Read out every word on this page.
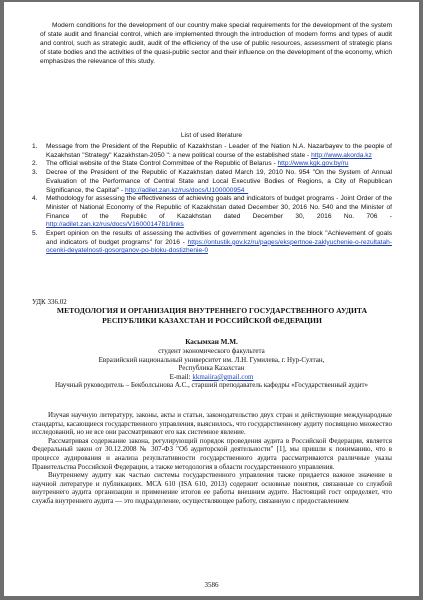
Modern conditions for the development of our country make special requirements for the development of the system of state audit and financial control, which are implemented through the introduction of modern forms and types of audit and control, such as strategic audit, audit of the efficiency of the use of public resources, assessment of strategic plans of state bodies and the activities of the quasi-public sector and their influence on the development of the economy, which emphasizes the relevance of this study.
List of used literature
1. Message from the President of the Republic of Kazakhstan - Leader of the Nation N.A. Nazarbayev to the people of Kazakhstan "Strategy" Kazakhstan-2050 ": a new political course of the established state - http://www.akorda.kz
2. The official website of the State Control Committee of the Republic of Belarus - http://www.kgk.gov.by/ru
3. Decree of the President of the Republic of Kazakhstan dated March 19, 2010 No. 954 "On the System of Annual Evaluation of the Performance of Central State and Local Executive Bodies of Regions, a City of Republican Significance, the Capital" - http://adilet.zan.kz/rus/docs/U100000954_
4. Methodology for assessing the effectiveness of achieving goals and indicators of budget programs - Joint Order of the Minister of National Economy of the Republic of Kazakhstan dated December 30, 2016 No. 540 and the Minister of Finance of the Republic of Kazakhstan dated December 30, 2016 No. 706 - http://adilet.zan.kz/rus/docs/V1600014781/links
5. Expert opinion on the results of assessing the activities of government agencies in the block "Achievement of goals and indicators of budget programs" for 2016 - https://ontustik.gov.kz/ru/pages/ekspertnoe-zaklyuchenie-o-rezultatah-ocenki-deyatelnosti-gosorganov-po-bloku-dostizhenie-0
УДК 336.02
МЕТОДОЛОГИЯ И ОРГАНИЗАЦИЯ ВНУТРЕННЕГО ГОСУДАРСТВЕННОГО АУДИТА РЕСПУБЛИКИ КАЗАХСТАН И РОССИЙСКОЙ ФЕДЕРАЦИИ
Касымхан М.М.
студент экономического факультета
Евразийский национальный университет им. Л.Н. Гумилева, г. Нур-Султан,
Республика Казахстан
E-mail: kkmaiira@gmail.com
Научный руководитель – Бекболсынова А.С., старший преподаватель кафедры «Государственный аудит»

Изучая научную литературу, законы, акты и статьи, законодательство двух стран и действующие международные стандарты, касающиеся государственного управления, выяснилось, что государственному аудиту посвящено множество исследований, но не все они рассматривают его как системное явление.

Рассматривая содержание закона, регулирующий порядок проведения аудита в Российской Федерации, является Федеральный закон от 30.12.2008 № 307-ФЗ "Об аудиторской деятельности" [1], мы пришли к пониманию, что в процессе аудирования и анализа результативности государственного аудита рассматриваются различные указы Правительства Российской Федерации, а также методология в области государственного управления.

Внутреннему аудиту как частью системы государственного управления также придается важное значение в научной литературе и публикациях. МСА 610 (ISA 610, 2013) содержит основные понятия, связанные со службой внутреннего аудита организации и применение итогов ее работы внешним аудите. Настоящий гост определяет, что служба внутреннего аудита — это подразделение, осуществляющее работу, связанную с предоставлением

3586
